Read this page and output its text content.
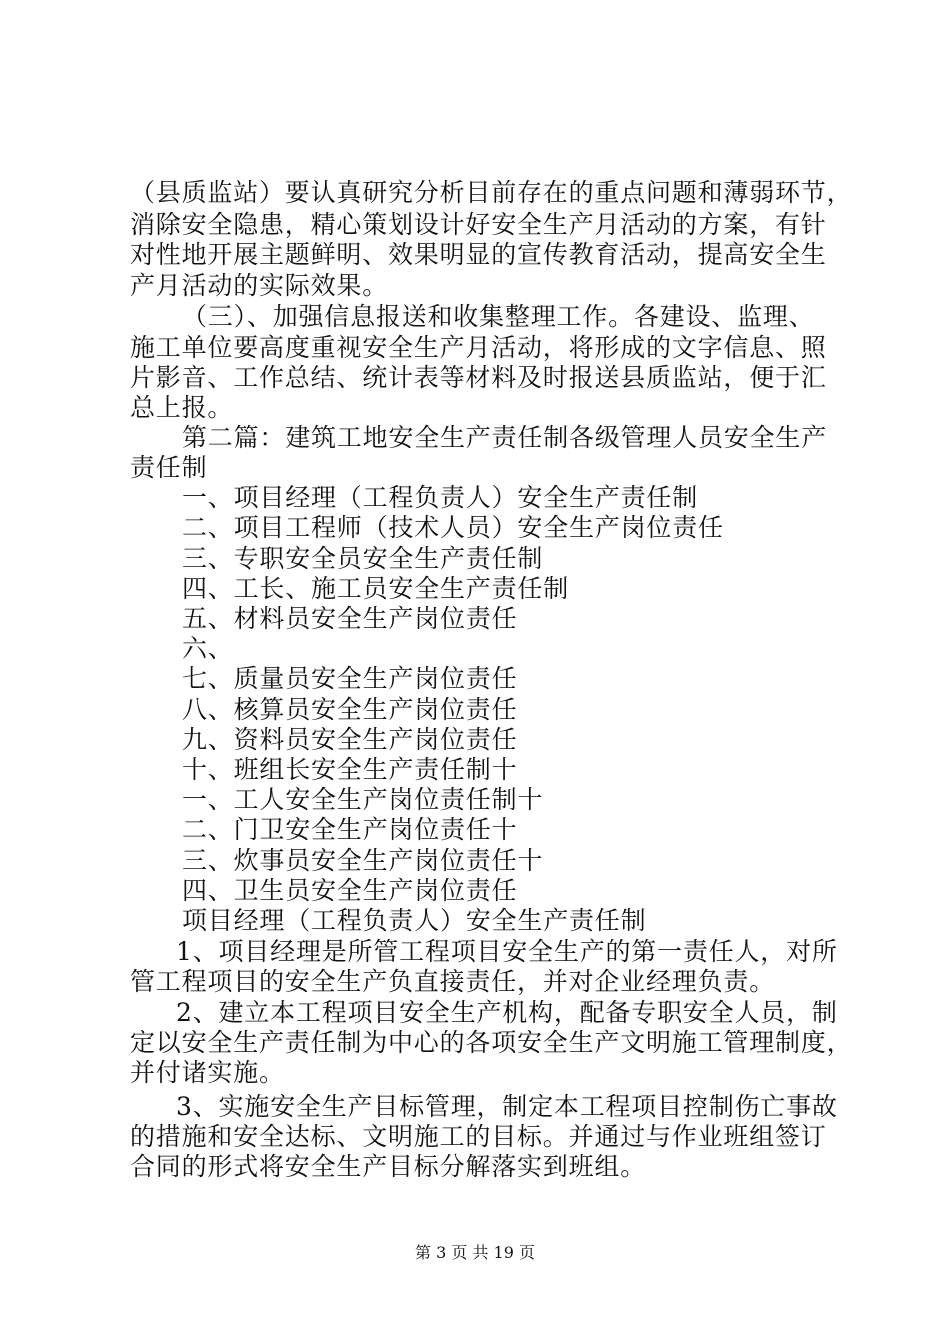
（县质监站）要认真研究分析目前存在的重点问题和薄弱环节，
消除安全隐患，精心策划设计好安全生产月活动的方案，有针
对性地开展主题鲜明、效果明显的宣传教育活动，提高安全生
产月活动的实际效果。
（三）、加强信息报送和收集整理工作。各建设、监理、
施工单位要高度重视安全生产月活动，将形成的文字信息、照
片影音、工作总结、统计表等材料及时报送县质监站，便于汇
总上报。
第二篇：建筑工地安全生产责任制各级管理人员安全生产
责任制
一、项目经理（工程负责人）安全生产责任制
二、项目工程师（技术人员）安全生产岗位责任
三、专职安全员安全生产责任制
四、工长、施工员安全生产责任制
五、材料员安全生产岗位责任
六、
七、质量员安全生产岗位责任
八、核算员安全生产岗位责任
九、资料员安全生产岗位责任
十、班组长安全生产责任制十
一、工人安全生产岗位责任制十
二、门卫安全生产岗位责任十
三、炊事员安全生产岗位责任十
四、卫生员安全生产岗位责任
项目经理（工程负责人）安全生产责任制
1、项目经理是所管工程项目安全生产的第一责任人，对所
管工程项目的安全生产负直接责任，并对企业经理负责。
2、建立本工程项目安全生产机构，配备专职安全人员，制
定以安全生产责任制为中心的各项安全生产文明施工管理制度，
并付诸实施。
3、实施安全生产目标管理，制定本工程项目控制伤亡事故
的措施和安全达标、文明施工的目标。并通过与作业班组签订
合同的形式将安全生产目标分解落实到班组。
第 3 页 共 19 页
